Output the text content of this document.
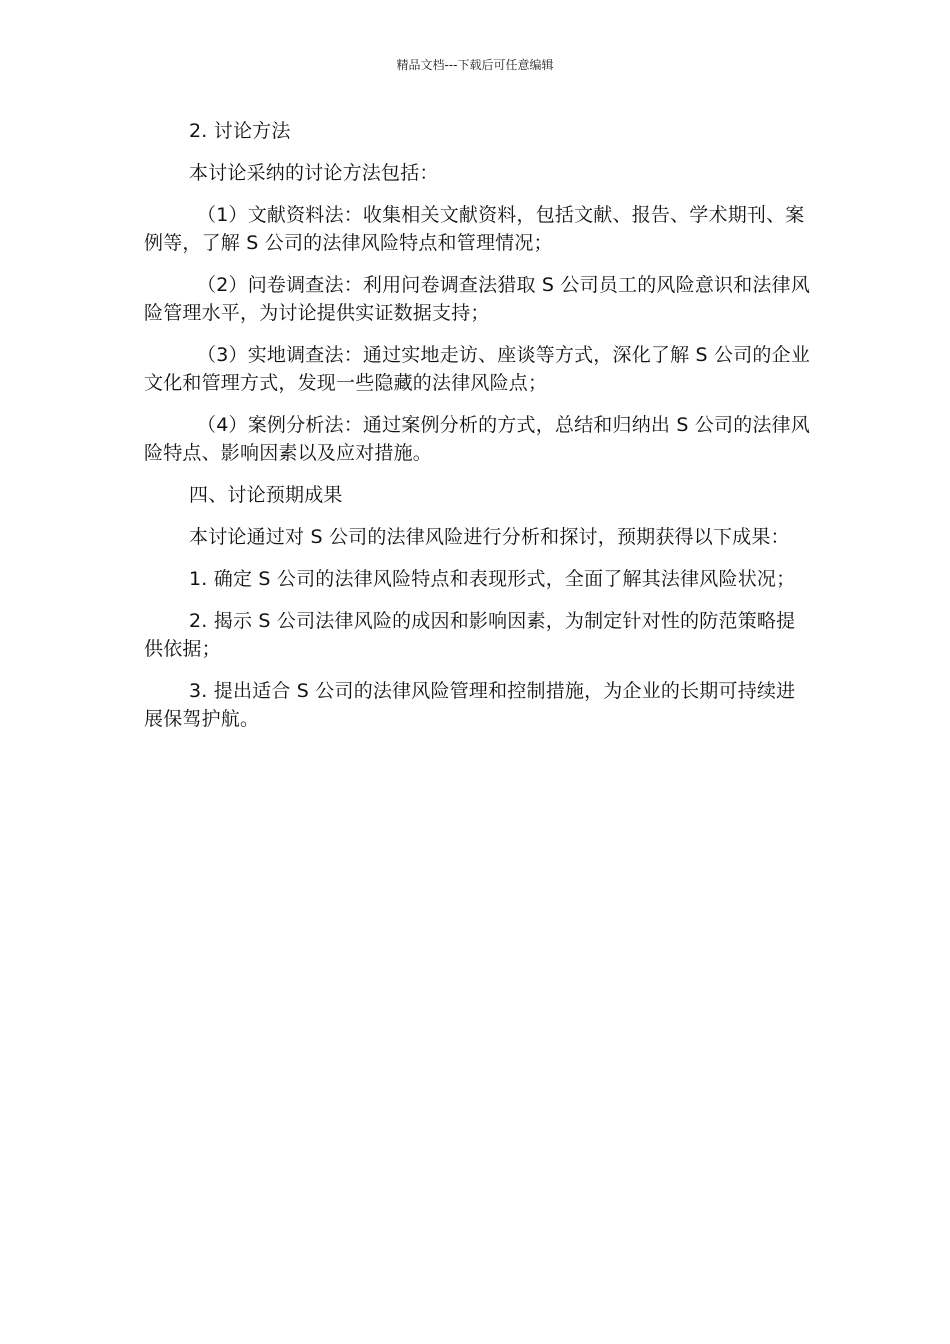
精品文档---下载后可任意编辑

2. 讨论方法

本讨论采纳的讨论方法包括：

（1）文献资料法：收集相关文献资料，包括文献、报告、学术期刊、案例等，了解 S 公司的法律风险特点和管理情况；

（2）问卷调查法：利用问卷调查法猎取 S 公司员工的风险意识和法律风险管理水平，为讨论提供实证数据支持；

（3）实地调查法：通过实地走访、座谈等方式，深化了解 S 公司的企业文化和管理方式，发现一些隐藏的法律风险点；

（4）案例分析法：通过案例分析的方式，总结和归纳出 S 公司的法律风险特点、影响因素以及应对措施。

四、讨论预期成果

本讨论通过对 S 公司的法律风险进行分析和探讨，预期获得以下成果：

1. 确定 S 公司的法律风险特点和表现形式，全面了解其法律风险状况；

2. 揭示 S 公司法律风险的成因和影响因素，为制定针对性的防范策略提供依据；

3. 提出适合 S 公司的法律风险管理和控制措施，为企业的长期可持续进展保驾护航。
